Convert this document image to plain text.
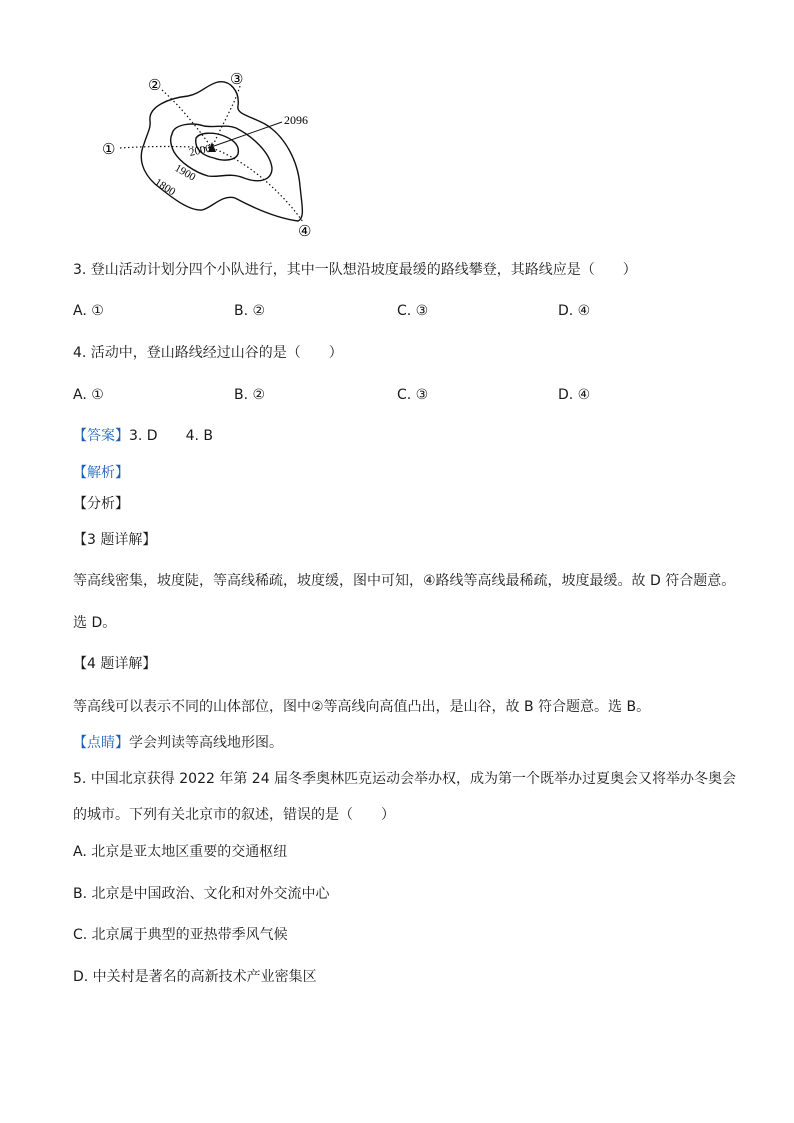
2096
2000
1900
1800
①
②	③
④
3. 登山活动计划分四个小队进行，其中一队想沿坡度最缓的路线攀登，其路线应是（　　）
A. ①	B. ②	C. ③	D. ④
4. 活动中，登山路线经过山谷的是（　　）
A. ①	B. ②	C. ③	D. ④
【答案】3. D　　4. B
【解析】
【分析】
【3 题详解】
等高线密集，坡度陡，等高线稀疏，坡度缓，图中可知，④路线等高线最稀疏，坡度最缓。故 D 符合题意。
选 D。
【4 题详解】
等高线可以表示不同的山体部位，图中②等高线向高值凸出，是山谷，故 B 符合题意。选 B。
【点睛】学会判读等高线地形图。
5. 中国北京获得 2022 年第 24 届冬季奥林匹克运动会举办权，成为第一个既举办过夏奥会又将举办冬奥会
的城市。下列有关北京市的叙述，错误的是（　　）
A. 北京是亚太地区重要的交通枢纽
B. 北京是中国政治、文化和对外交流中心
C. 北京属于典型的亚热带季风气候
D. 中关村是著名的高新技术产业密集区
